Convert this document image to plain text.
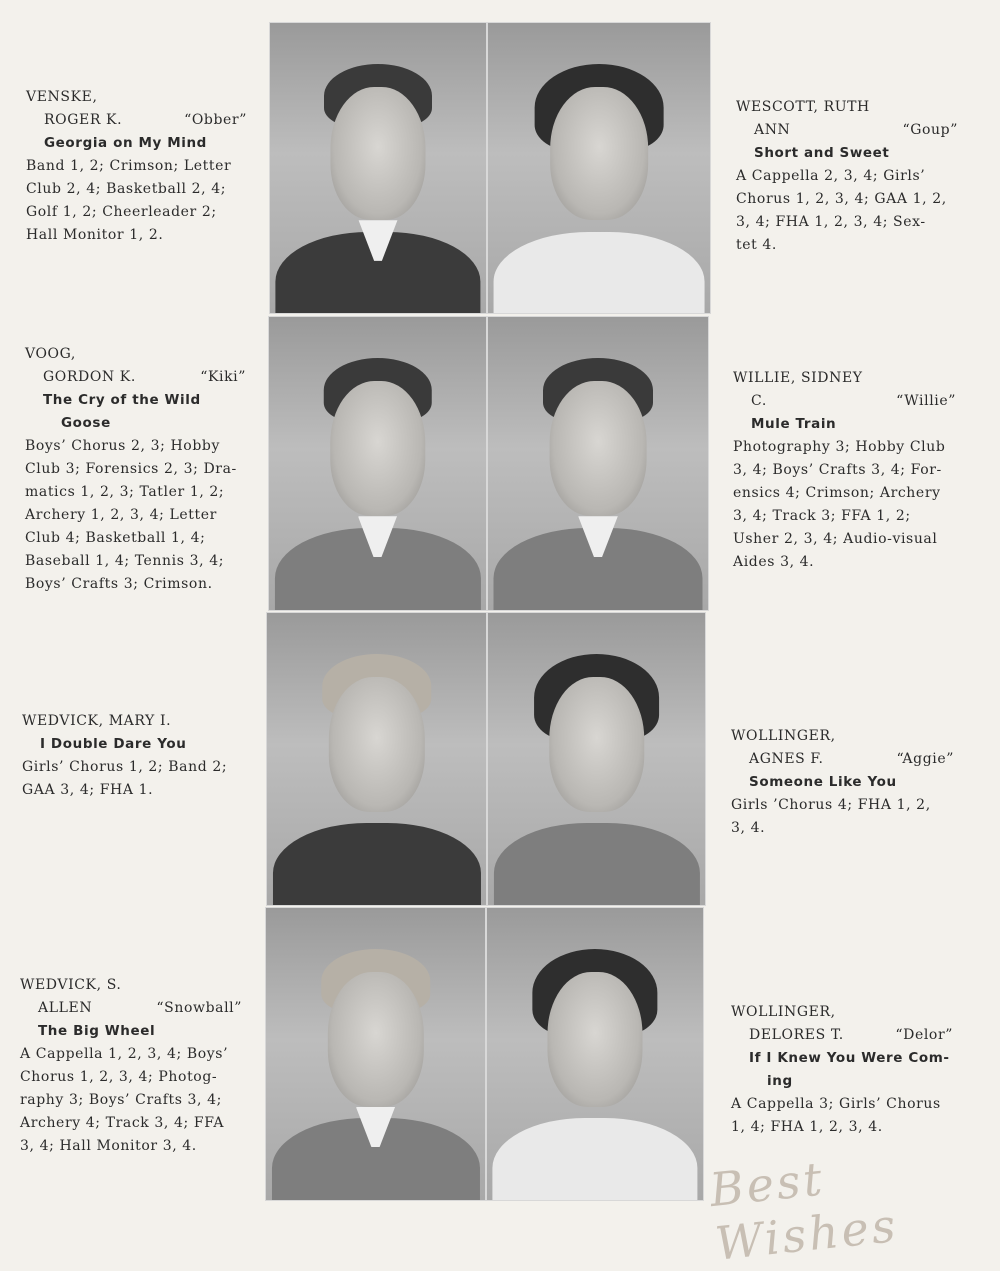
VENSKE,
ROGER K.	“Obber”
Georgia on My Mind
Band 1, 2; Crimson; Letter
Club 2, 4; Basketball 2, 4;
Golf 1, 2; Cheerleader 2;
Hall Monitor 1, 2.
WESCOTT, RUTH
ANN	“Goup”
Short and Sweet
A Cappella 2, 3, 4; Girls’
Chorus 1, 2, 3, 4; GAA 1, 2,
3, 4; FHA 1, 2, 3, 4; Sex-
tet 4.
VOOG,
GORDON K.	“Kiki”
The Cry of the Wild
Goose
Boys’ Chorus 2, 3; Hobby
Club 3; Forensics 2, 3; Dra-
matics 1, 2, 3; Tatler 1, 2;
Archery 1, 2, 3, 4; Letter
Club 4; Basketball 1, 4;
Baseball 1, 4; Tennis 3, 4;
Boys’ Crafts 3; Crimson.
WILLIE, SIDNEY
C.	“Willie”
Mule Train
Photography 3; Hobby Club
3, 4; Boys’ Crafts 3, 4; For-
ensics 4; Crimson; Archery
3, 4; Track 3; FFA 1, 2;
Usher 2, 3, 4; Audio-visual
Aides 3, 4.
WEDVICK, MARY I.
I Double Dare You
Girls’ Chorus 1, 2; Band 2;
GAA 3, 4; FHA 1.
WOLLINGER,
AGNES F.	“Aggie”
Someone Like You
Girls ’Chorus 4; FHA 1, 2,
3, 4.
WEDVICK, S.
ALLEN	“Snowball”
The Big Wheel
A Cappella 1, 2, 3, 4; Boys’
Chorus 1, 2, 3, 4; Photog-
raphy 3; Boys’ Crafts 3, 4;
Archery 4; Track 3, 4; FFA
3, 4; Hall Monitor 3, 4.
WOLLINGER,
DELORES T.	“Delor”
If I Knew You Were Com-
ing
A Cappella 3; Girls’ Chorus
1, 4; FHA 1, 2, 3, 4.
Best Wishes
